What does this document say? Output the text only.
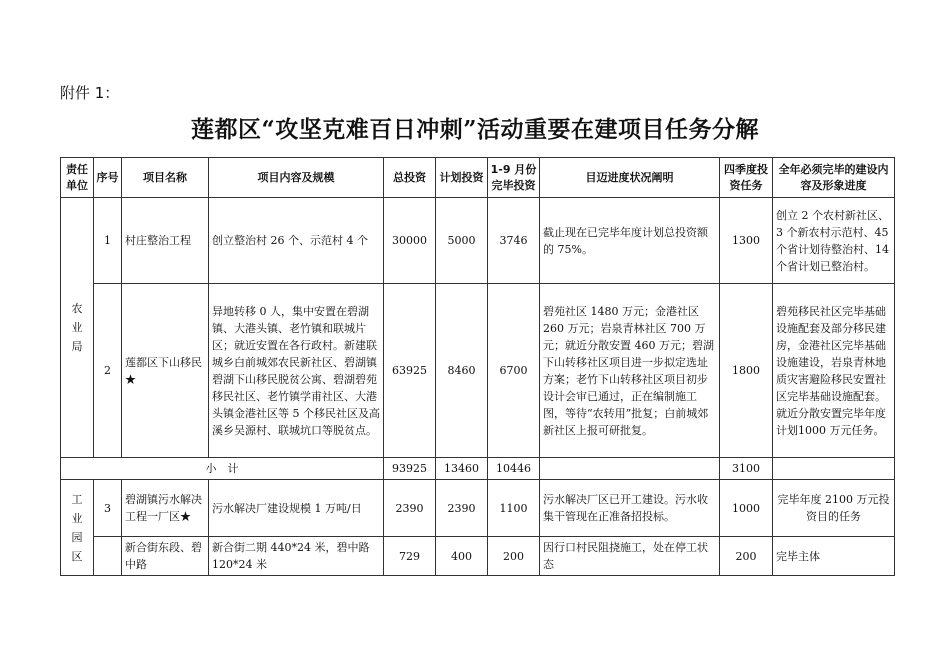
附件 1：
莲都区“攻坚克难百日冲刺”活动重要在建项目任务分解
责任单位	序号	项目名称	项目内容及规模	总投资	计划投资	1-9 月份完毕投资	目迈进度状况阐明	四季度投资任务	全年必须完毕的建设内容及形象进度

农业局	1	村庄整治工程	创立整治村 26 个、示范村 4 个	30000	5000	3746	截止现在已完毕年度计划总投资额的 75%。	1300	创立 2 个农村新社区、3 个新农村示范村、45 个省计划待整治村、14 个省计划已整治村。
	2	莲都区下山移民★	异地转移 0 人，集中安置在碧湖镇、大港头镇、老竹镇和联城片区；就近安置在各行政村。新建联城乡白前城郊农民新社区、碧湖镇碧湖下山移民脱贫公寓、碧湖碧苑移民社区、老竹镇学甫社区、大港头镇金港社区等 5 个移民社区及高溪乡吴源村、联城坑口等脱贫点。	63925	8460	6700	碧苑社区 1480 万元；金港社区 260 万元；岩泉青林社区 700 万元；就近分散安置 460 万元；碧湖下山转移社区项目进一步拟定选址方案；老竹下山转移社区项目初步设计会审已通过，正在编制施工图，等待“农转用”批复；白前城郊新社区上报可研批复。	1800	碧苑移民社区完毕基础设施配套及部分移民建房，金港社区完毕基础设施建设，岩泉青林地质灾害避险移民安置社区完毕基础设施配套。就近分散安置完毕年度计划1000 万元任务。
小　计				93925	13460	10446		3100	

工业园区	3	碧湖镇污水解决工程一厂区★	污水解决厂建设规模 1 万吨/日	2390	2390	1100	污水解决厂区已开工建设。污水收集干管现在正准备招投标。	1000	完毕年度 2100 万元投资目的任务
		新合街东段、碧中路	新合街二期 440*24 米，碧中路 120*24 米	729	400	200	因行口村民阻挠施工，处在停工状态	200	完毕主体
